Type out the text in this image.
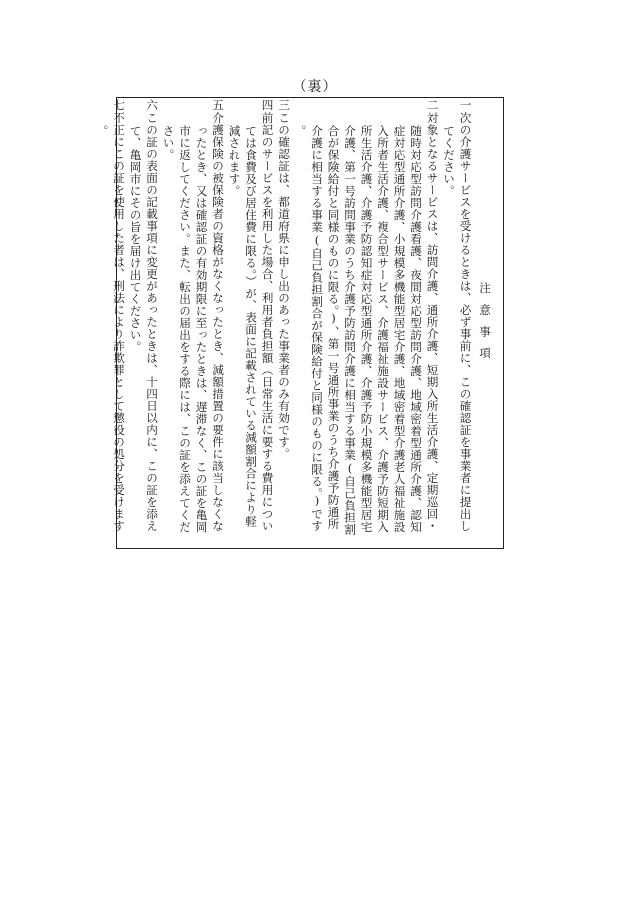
（裏）
注意事項
一次の介護サービスを受けるときは、必ず事前に、この確認証を事業者に提出してください。
二対象となるサービスは、訪問介護、通所介護、短期入所生活介護、定期巡回・随時対応型訪問介護看護、夜間対応型訪問介護、地域密着型通所介護、認知症対応型通所介護、小規模多機能型居宅介護、地域密着型介護老人福祉施設入所者生活介護、複合型サービス、介護福祉施設サービス、介護予防短期入所生活介護、介護予防認知症対応型通所介護、介護予防小規模多機能型居宅介護、第一号訪問事業のうち介護予防訪問介護に相当する事業(自己負担割合が保険給付と同様のものに限る。)、第一号通所事業のうち介護予防通所介護に相当する事業(自己負担割合が保険給付と同様のものに限る。)です。
三この確認証は、都道府県に申し出のあった事業者のみ有効です。
四前記のサービスを利用した場合、利用者負担額（日常生活に要する費用については食費及び居住費に限る。）が、表面に記載されている減額割合により軽減されます。
五介護保険の被保険者の資格がなくなったとき、減額措置の要件に該当しなくなったとき、又は確認証の有効期限に至ったときは、遅滞なく、この証を亀岡市に返してください。また、転出の届出をする際には、この証を添えてください。
六この証の表面の記載事項に変更があったときは、十四日以内に、この証を添えて、亀岡市にその旨を届け出てください。
七不正にこの証を使用した者は、刑法により詐欺罪として懲役の処分を受けます。
